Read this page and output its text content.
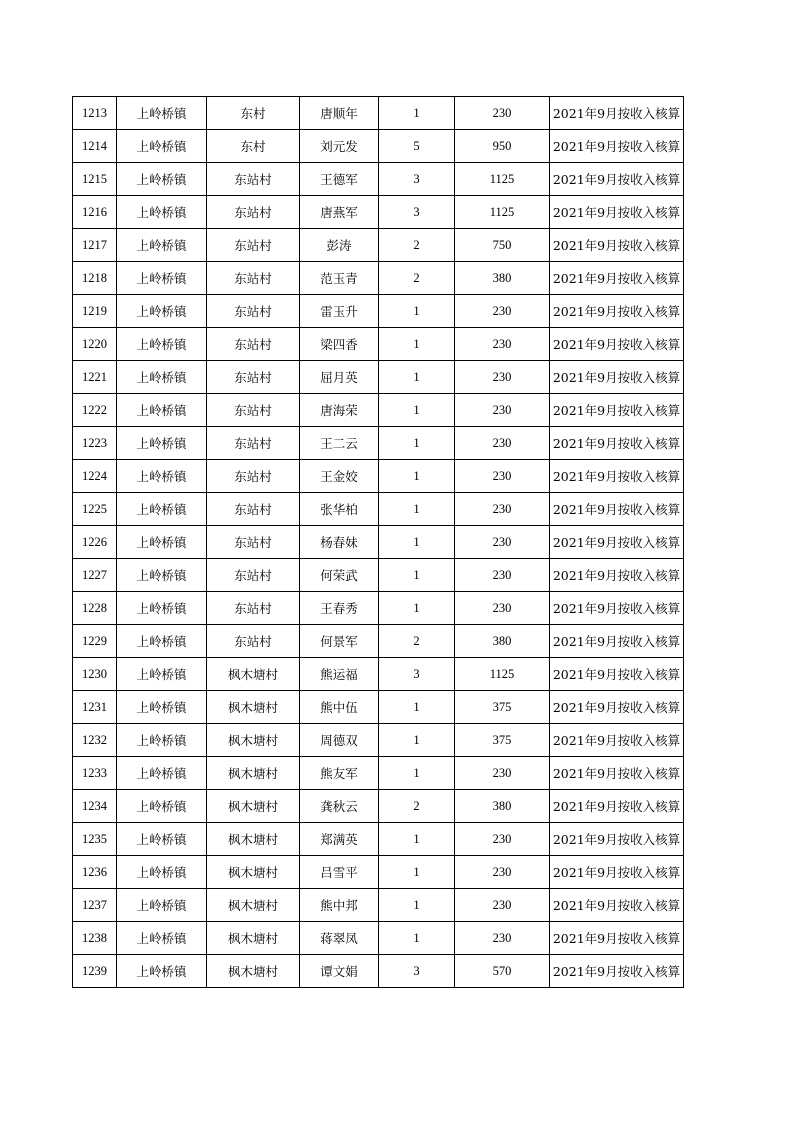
1213	上岭桥镇	东村	唐顺年	1	230	2021年9月按收入核算
1214	上岭桥镇	东村	刘元发	5	950	2021年9月按收入核算
1215	上岭桥镇	东站村	王德军	3	1125	2021年9月按收入核算
1216	上岭桥镇	东站村	唐燕军	3	1125	2021年9月按收入核算
1217	上岭桥镇	东站村	彭涛	2	750	2021年9月按收入核算
1218	上岭桥镇	东站村	范玉青	2	380	2021年9月按收入核算
1219	上岭桥镇	东站村	雷玉升	1	230	2021年9月按收入核算
1220	上岭桥镇	东站村	梁四香	1	230	2021年9月按收入核算
1221	上岭桥镇	东站村	屈月英	1	230	2021年9月按收入核算
1222	上岭桥镇	东站村	唐海荣	1	230	2021年9月按收入核算
1223	上岭桥镇	东站村	王二云	1	230	2021年9月按收入核算
1224	上岭桥镇	东站村	王金姣	1	230	2021年9月按收入核算
1225	上岭桥镇	东站村	张华柏	1	230	2021年9月按收入核算
1226	上岭桥镇	东站村	杨春妹	1	230	2021年9月按收入核算
1227	上岭桥镇	东站村	何荣武	1	230	2021年9月按收入核算
1228	上岭桥镇	东站村	王春秀	1	230	2021年9月按收入核算
1229	上岭桥镇	东站村	何景军	2	380	2021年9月按收入核算
1230	上岭桥镇	枫木塘村	熊运福	3	1125	2021年9月按收入核算
1231	上岭桥镇	枫木塘村	熊中伍	1	375	2021年9月按收入核算
1232	上岭桥镇	枫木塘村	周德双	1	375	2021年9月按收入核算
1233	上岭桥镇	枫木塘村	熊友军	1	230	2021年9月按收入核算
1234	上岭桥镇	枫木塘村	龚秋云	2	380	2021年9月按收入核算
1235	上岭桥镇	枫木塘村	郑满英	1	230	2021年9月按收入核算
1236	上岭桥镇	枫木塘村	吕雪平	1	230	2021年9月按收入核算
1237	上岭桥镇	枫木塘村	熊中邦	1	230	2021年9月按收入核算
1238	上岭桥镇	枫木塘村	蒋翠凤	1	230	2021年9月按收入核算
1239	上岭桥镇	枫木塘村	谭文娟	3	570	2021年9月按收入核算
